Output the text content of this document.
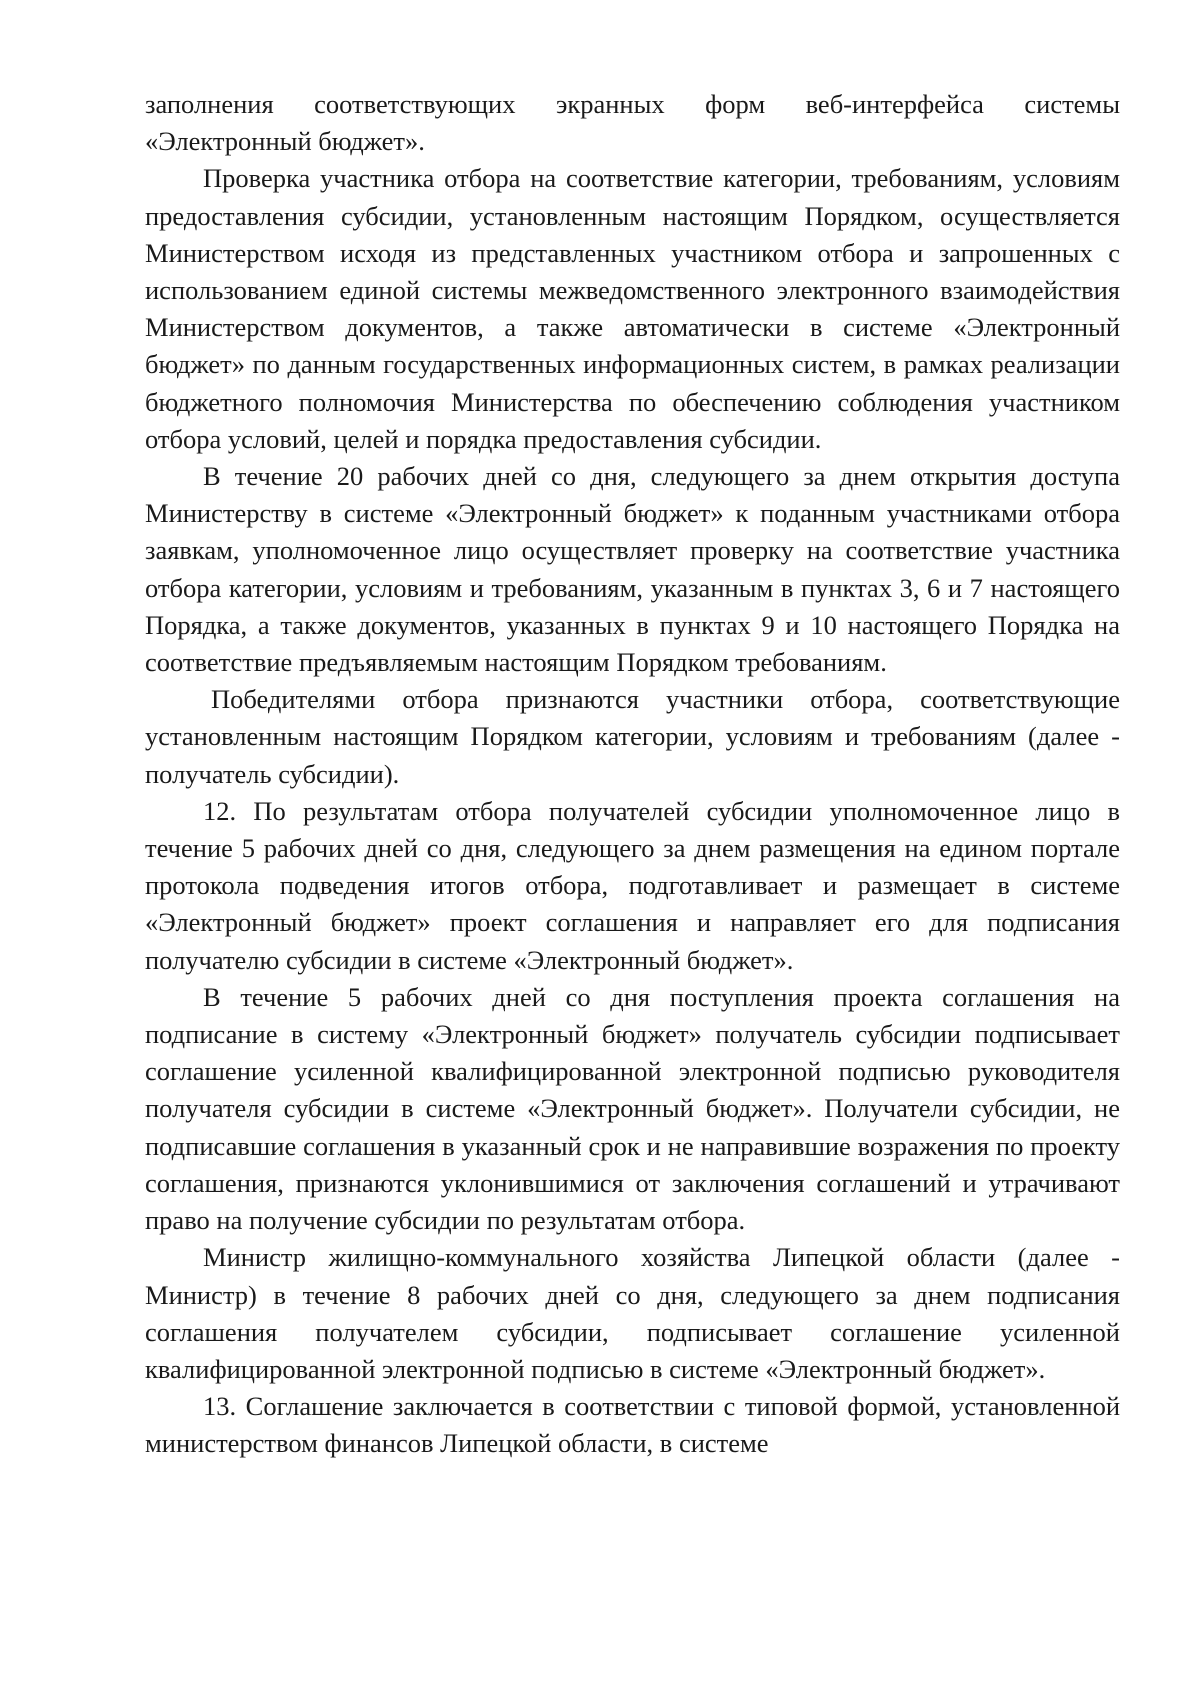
заполнения соответствующих экранных форм веб-интерфейса системы «Электронный бюджет».

Проверка участника отбора на соответствие категории, требованиям, условиям предоставления субсидии, установленным настоящим Порядком, осуществляется Министерством исходя из представленных участником отбора и запрошенных с использованием единой системы межведомственного электронного взаимодействия Министерством документов, а также автоматически в системе «Электронный бюджет» по данным государственных информационных систем, в рамках реализации бюджетного полномочия Министерства по обеспечению соблюдения участником отбора условий, целей и порядка предоставления субсидии.

В течение 20 рабочих дней со дня, следующего за днем открытия доступа Министерству в системе «Электронный бюджет» к поданным участниками отбора заявкам, уполномоченное лицо осуществляет проверку на соответствие участника отбора категории, условиям и требованиям, указанным в пунктах 3, 6 и 7 настоящего Порядка, а также документов, указанных в пунктах 9 и 10 настоящего Порядка на соответствие предъявляемым настоящим Порядком требованиям.

Победителями отбора признаются участники отбора, соответствующие установленным настоящим Порядком категории, условиям и требованиям (далее - получатель субсидии).

12. По результатам отбора получателей субсидии уполномоченное лицо в течение 5 рабочих дней со дня, следующего за днем размещения на едином портале протокола подведения итогов отбора, подготавливает и размещает в системе «Электронный бюджет» проект соглашения и направляет его для подписания получателю субсидии в системе «Электронный бюджет».

В течение 5 рабочих дней со дня поступления проекта соглашения на подписание в систему «Электронный бюджет» получатель субсидии подписывает соглашение усиленной квалифицированной электронной подписью руководителя получателя субсидии в системе «Электронный бюджет». Получатели субсидии, не подписавшие соглашения в указанный срок и не направившие возражения по проекту соглашения, признаются уклонившимися от заключения соглашений и утрачивают право на получение субсидии по результатам отбора.

Министр жилищно-коммунального хозяйства Липецкой области (далее - Министр) в течение 8 рабочих дней со дня, следующего за днем подписания соглашения получателем субсидии, подписывает соглашение усиленной квалифицированной электронной подписью в системе «Электронный бюджет».

13. Соглашение заключается в соответствии с типовой формой, установленной министерством финансов Липецкой области, в системе
